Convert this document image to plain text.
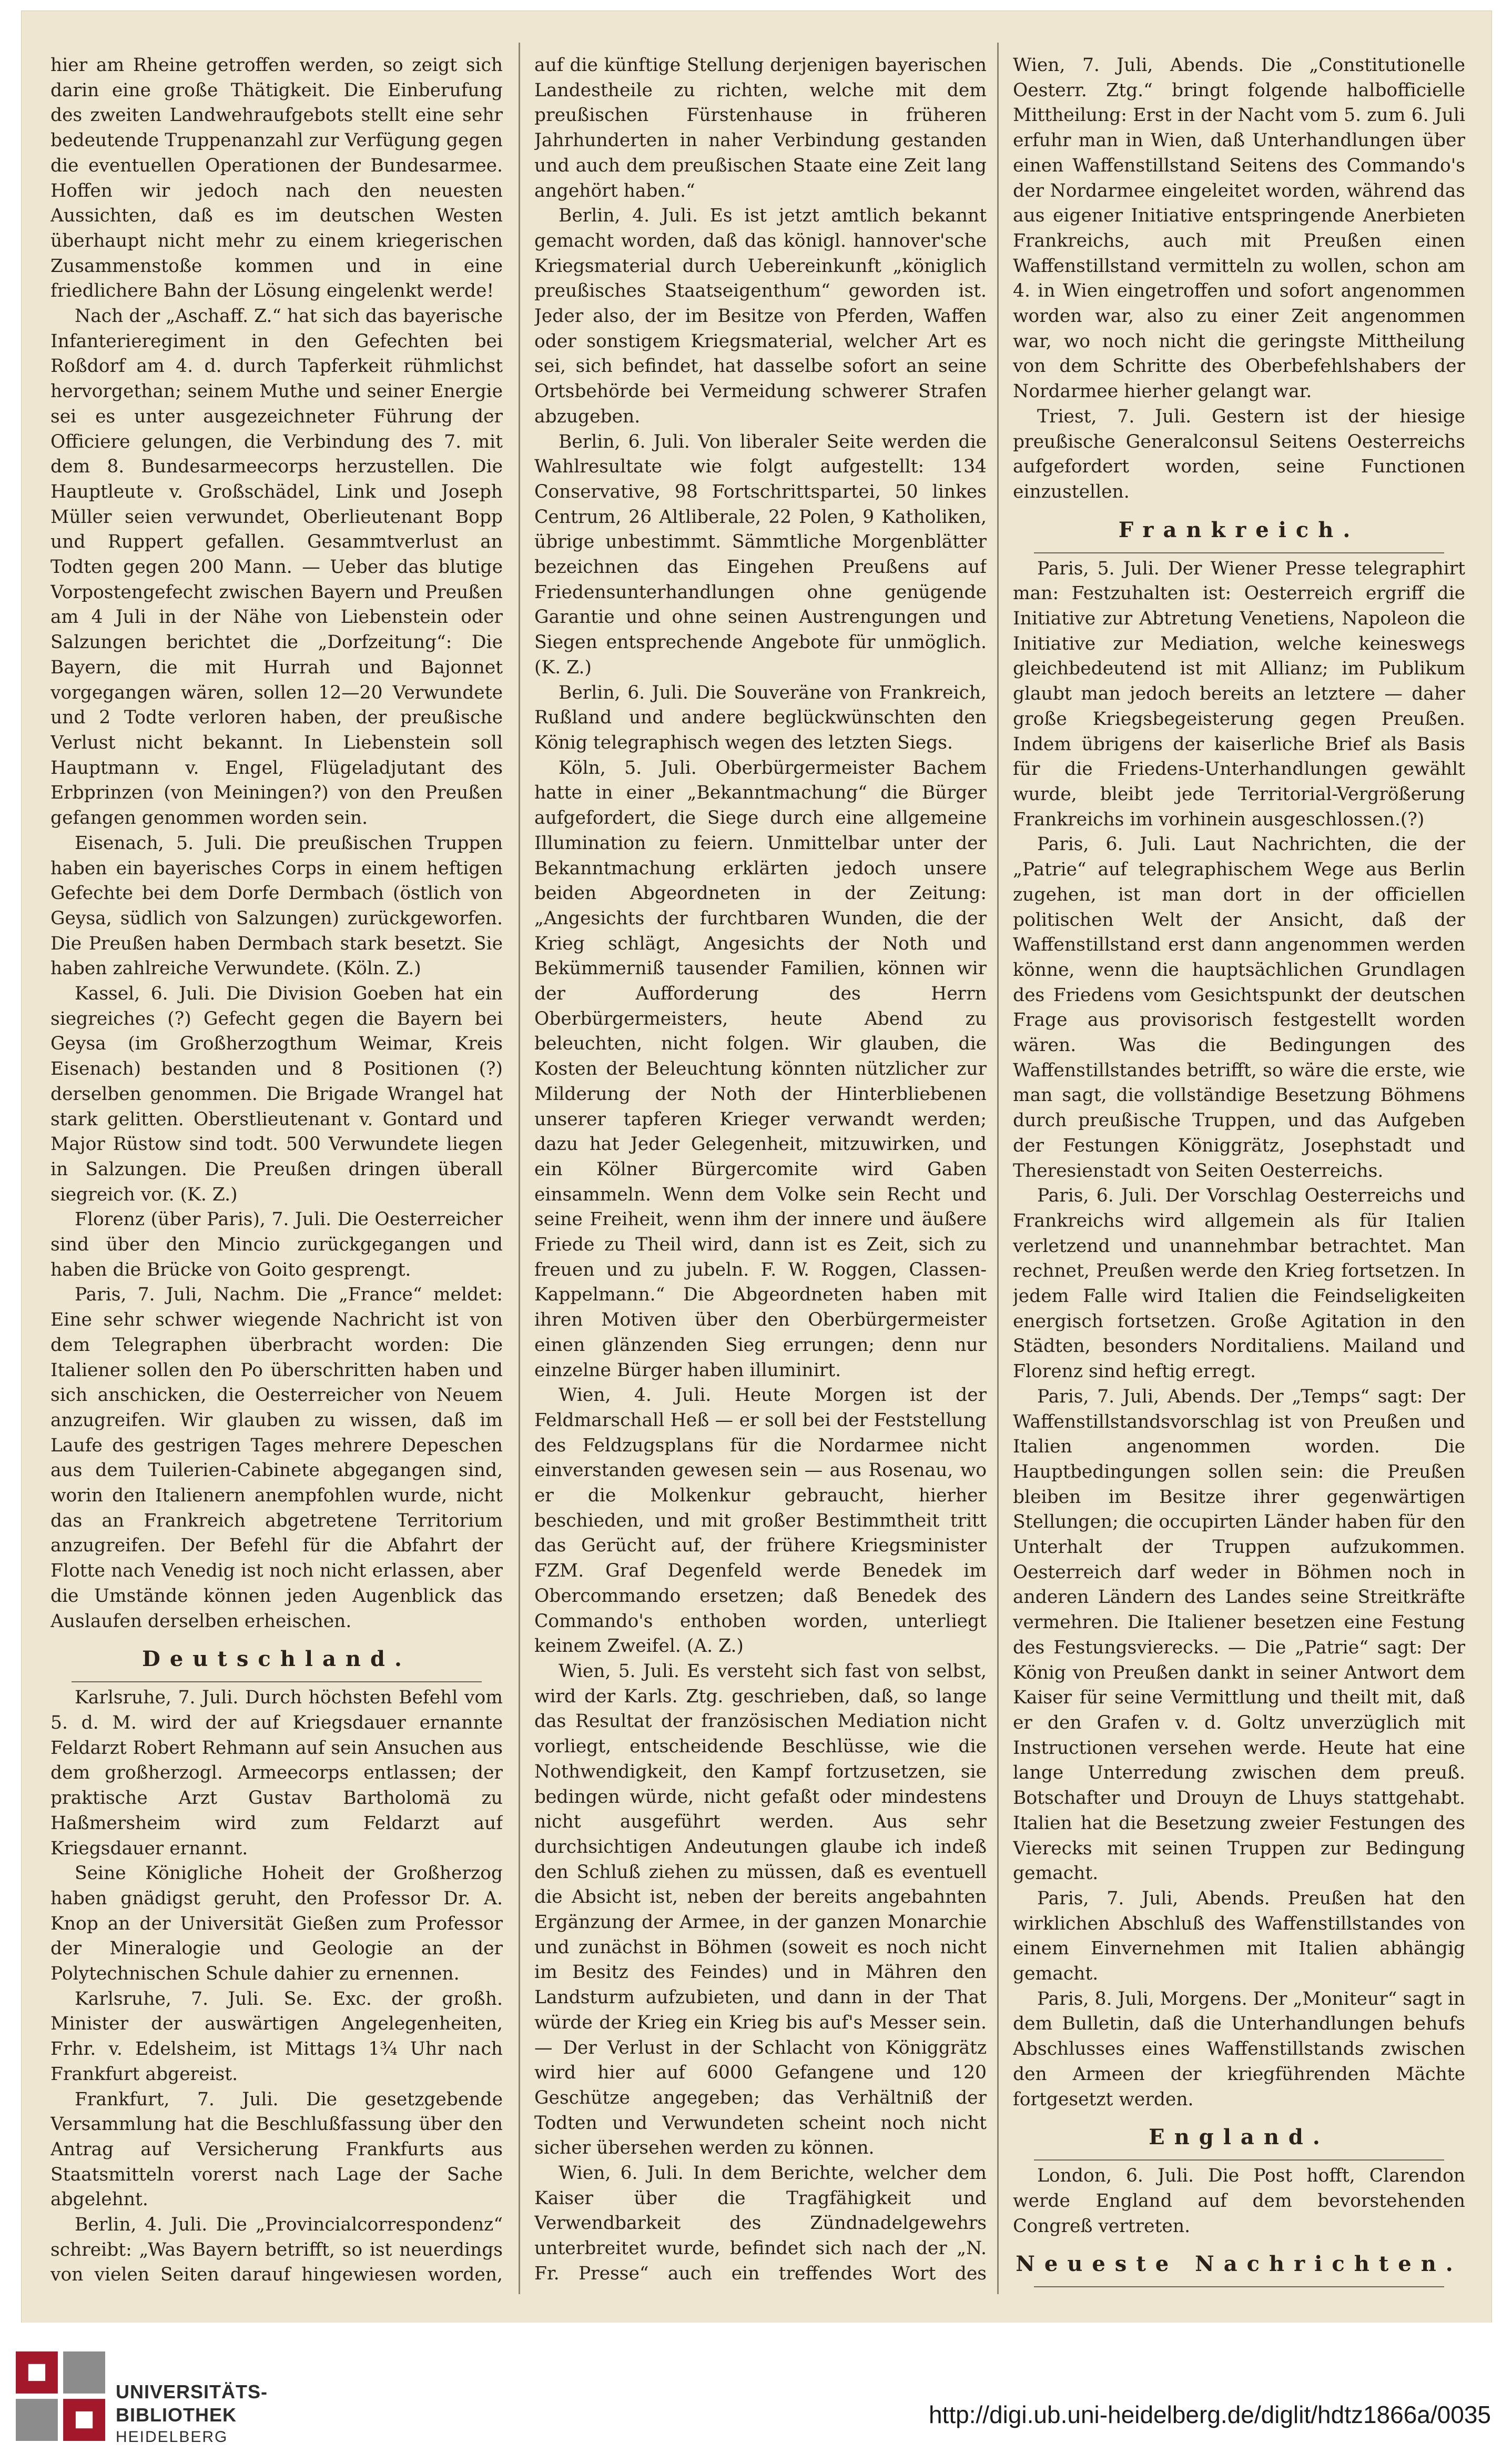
hier am Rheine getroffen werden, so zeigt sich darin eine große Thätigkeit. Die Einberufung des zweiten Landwehraufgebots stellt eine sehr bedeutende Truppenanzahl zur Verfügung gegen die eventuellen Operationen der Bundesarmee. Hoffen wir jedoch nach den neuesten Aussichten, daß es im deutschen Westen überhaupt nicht mehr zu einem kriegerischen Zusammenstoße kommen und in eine friedlichere Bahn der Lösung eingelenkt werde!

Nach der „Aschaff. Z.“ hat sich das bayerische Infanterieregiment in den Gefechten bei Roßdorf am 4. d. durch Tapferkeit rühmlichst hervorgethan; seinem Muthe und seiner Energie sei es unter ausgezeichneter Führung der Officiere gelungen, die Verbindung des 7. mit dem 8. Bundesarmeecorps herzustellen. Die Hauptleute v. Großschädel, Link und Joseph Müller seien verwundet, Oberlieutenant Bopp und Ruppert gefallen. Gesammtverlust an Todten gegen 200 Mann. — Ueber das blutige Vorpostengefecht zwischen Bayern und Preußen am 4 Juli in der Nähe von Liebenstein oder Salzungen berichtet die „Dorfzeitung“: Die Bayern, die mit Hurrah und Bajonnet vorgegangen wären, sollen 12—20 Verwundete und 2 Todte verloren haben, der preußische Verlust nicht bekannt. In Liebenstein soll Hauptmann v. Engel, Flügeladjutant des Erbprinzen (von Meiningen?) von den Preußen gefangen genommen worden sein.

Eisenach, 5. Juli. Die preußischen Truppen haben ein bayerisches Corps in einem heftigen Gefechte bei dem Dorfe Dermbach (östlich von Geysa, südlich von Salzungen) zurückgeworfen. Die Preußen haben Dermbach stark besetzt. Sie haben zahlreiche Verwundete. (Köln. Z.)

Kassel, 6. Juli. Die Division Goeben hat ein siegreiches (?) Gefecht gegen die Bayern bei Geysa (im Großherzogthum Weimar, Kreis Eisenach) bestanden und 8 Positionen (?) derselben genommen. Die Brigade Wrangel hat stark gelitten. Oberstlieutenant v. Gontard und Major Rüstow sind todt. 500 Verwundete liegen in Salzungen. Die Preußen dringen überall siegreich vor. (K. Z.)

Florenz (über Paris), 7. Juli. Die Oesterreicher sind über den Mincio zurückgegangen und haben die Brücke von Goito gesprengt.

Paris, 7. Juli, Nachm. Die „France“ meldet: Eine sehr schwer wiegende Nachricht ist von dem Telegraphen überbracht worden: Die Italiener sollen den Po überschritten haben und sich anschicken, die Oesterreicher von Neuem anzugreifen. Wir glauben zu wissen, daß im Laufe des gestrigen Tages mehrere Depeschen aus dem Tuilerien-Cabinete abgegangen sind, worin den Italienern anempfohlen wurde, nicht das an Frankreich abgetretene Territorium anzugreifen. Der Befehl für die Abfahrt der Flotte nach Venedig ist noch nicht erlassen, aber die Umstände können jeden Augenblick das Auslaufen derselben erheischen.

Deutschland.

Karlsruhe, 7. Juli. Durch höchsten Befehl vom 5. d. M. wird der auf Kriegsdauer ernannte Feldarzt Robert Rehmann auf sein Ansuchen aus dem großherzogl. Armeecorps entlassen; der praktische Arzt Gustav Bartholomä zu Haßmersheim wird zum Feldarzt auf Kriegsdauer ernannt.

Seine Königliche Hoheit der Großherzog haben gnädigst geruht, den Professor Dr. A. Knop an der Universität Gießen zum Professor der Mineralogie und Geologie an der Polytechnischen Schule dahier zu ernennen.

Karlsruhe, 7. Juli. Se. Exc. der großh. Minister der auswärtigen Angelegenheiten, Frhr. v. Edelsheim, ist Mittags 1¾ Uhr nach Frankfurt abgereist.

Frankfurt, 7. Juli. Die gesetzgebende Versammlung hat die Beschlußfassung über den Antrag auf Versicherung Frankfurts aus Staatsmitteln vorerst nach Lage der Sache abgelehnt.

Berlin, 4. Juli. Die „Provincialcorrespondenz“ schreibt: „Was Bayern betrifft, so ist neuerdings von vielen Seiten darauf hingewiesen worden,

auf die künftige Stellung derjenigen bayerischen Landestheile zu richten, welche mit dem preußischen Fürstenhause in früheren Jahrhunderten in naher Verbindung gestanden und auch dem preußischen Staate eine Zeit lang angehört haben.“

Berlin, 4. Juli. Es ist jetzt amtlich bekannt gemacht worden, daß das königl. hannover'sche Kriegsmaterial durch Uebereinkunft „königlich preußisches Staatseigenthum“ geworden ist. Jeder also, der im Besitze von Pferden, Waffen oder sonstigem Kriegsmaterial, welcher Art es sei, sich befindet, hat dasselbe sofort an seine Ortsbehörde bei Vermeidung schwerer Strafen abzugeben.

Berlin, 6. Juli. Von liberaler Seite werden die Wahlresultate wie folgt aufgestellt: 134 Conservative, 98 Fortschrittspartei, 50 linkes Centrum, 26 Altliberale, 22 Polen, 9 Katholiken, übrige unbestimmt. Sämmtliche Morgenblätter bezeichnen das Eingehen Preußens auf Friedensunterhandlungen ohne genügende Garantie und ohne seinen Austrengungen und Siegen entsprechende Angebote für unmöglich. (K. Z.)

Berlin, 6. Juli. Die Souveräne von Frankreich, Rußland und andere beglückwünschten den König telegraphisch wegen des letzten Siegs.

Köln, 5. Juli. Oberbürgermeister Bachem hatte in einer „Bekanntmachung“ die Bürger aufgefordert, die Siege durch eine allgemeine Illumination zu feiern. Unmittelbar unter der Bekanntmachung erklärten jedoch unsere beiden Abgeordneten in der Zeitung: „Angesichts der furchtbaren Wunden, die der Krieg schlägt, Angesichts der Noth und Bekümmerniß tausender Familien, können wir der Aufforderung des Herrn Oberbürgermeisters, heute Abend zu beleuchten, nicht folgen. Wir glauben, die Kosten der Beleuchtung könnten nützlicher zur Milderung der Noth der Hinterbliebenen unserer tapferen Krieger verwandt werden; dazu hat Jeder Gelegenheit, mitzuwirken, und ein Kölner Bürgercomite wird Gaben einsammeln. Wenn dem Volke sein Recht und seine Freiheit, wenn ihm der innere und äußere Friede zu Theil wird, dann ist es Zeit, sich zu freuen und zu jubeln. F. W. Roggen, Classen-Kappelmann.“ Die Abgeordneten haben mit ihren Motiven über den Oberbürgermeister einen glänzenden Sieg errungen; denn nur einzelne Bürger haben illuminirt.

Wien, 4. Juli. Heute Morgen ist der Feldmarschall Heß — er soll bei der Feststellung des Feldzugsplans für die Nordarmee nicht einverstanden gewesen sein — aus Rosenau, wo er die Molkenkur gebraucht, hierher beschieden, und mit großer Bestimmtheit tritt das Gerücht auf, der frühere Kriegsminister FZM. Graf Degenfeld werde Benedek im Obercommando ersetzen; daß Benedek des Commando's enthoben worden, unterliegt keinem Zweifel. (A. Z.)

Wien, 5. Juli. Es versteht sich fast von selbst, wird der Karls. Ztg. geschrieben, daß, so lange das Resultat der französischen Mediation nicht vorliegt, entscheidende Beschlüsse, wie die Nothwendigkeit, den Kampf fortzusetzen, sie bedingen würde, nicht gefaßt oder mindestens nicht ausgeführt werden. Aus sehr durchsichtigen Andeutungen glaube ich indeß den Schluß ziehen zu müssen, daß es eventuell die Absicht ist, neben der bereits angebahnten Ergänzung der Armee, in der ganzen Monarchie und zunächst in Böhmen (soweit es noch nicht im Besitz des Feindes) und in Mähren den Landsturm aufzubieten, und dann in der That würde der Krieg ein Krieg bis auf's Messer sein. — Der Verlust in der Schlacht von Königgrätz wird hier auf 6000 Gefangene und 120 Geschütze angegeben; das Verhältniß der Todten und Verwundeten scheint noch nicht sicher übersehen werden zu können.

Wien, 6. Juli. In dem Berichte, welcher dem Kaiser über die Tragfähigkeit und Verwendbarkeit des Zündnadelgewehrs unterbreitet wurde, befindet sich nach der „N. Fr. Presse“ auch ein treffendes Wort des

Wien, 7. Juli, Abends. Die „Constitutionelle Oesterr. Ztg.“ bringt folgende halbofficielle Mittheilung: Erst in der Nacht vom 5. zum 6. Juli erfuhr man in Wien, daß Unterhandlungen über einen Waffenstillstand Seitens des Commando's der Nordarmee eingeleitet worden, während das aus eigener Initiative entspringende Anerbieten Frankreichs, auch mit Preußen einen Waffenstillstand vermitteln zu wollen, schon am 4. in Wien eingetroffen und sofort angenommen worden war, also zu einer Zeit angenommen war, wo noch nicht die geringste Mittheilung von dem Schritte des Oberbefehlshabers der Nordarmee hierher gelangt war.

Triest, 7. Juli. Gestern ist der hiesige preußische Generalconsul Seitens Oesterreichs aufgefordert worden, seine Functionen einzustellen.

Frankreich.

Paris, 5. Juli. Der Wiener Presse telegraphirt man: Festzuhalten ist: Oesterreich ergriff die Initiative zur Abtretung Venetiens, Napoleon die Initiative zur Mediation, welche keineswegs gleichbedeutend ist mit Allianz; im Publikum glaubt man jedoch bereits an letztere — daher große Kriegsbegeisterung gegen Preußen. Indem übrigens der kaiserliche Brief als Basis für die Friedens-Unterhandlungen gewählt wurde, bleibt jede Territorial-Vergrößerung Frankreichs im vorhinein ausgeschlossen.(?)

Paris, 6. Juli. Laut Nachrichten, die der „Patrie“ auf telegraphischem Wege aus Berlin zugehen, ist man dort in der officiellen politischen Welt der Ansicht, daß der Waffenstillstand erst dann angenommen werden könne, wenn die hauptsächlichen Grundlagen des Friedens vom Gesichtspunkt der deutschen Frage aus provisorisch festgestellt worden wären. Was die Bedingungen des Waffenstillstandes betrifft, so wäre die erste, wie man sagt, die vollständige Besetzung Böhmens durch preußische Truppen, und das Aufgeben der Festungen Königgrätz, Josephstadt und Theresienstadt von Seiten Oesterreichs.

Paris, 6. Juli. Der Vorschlag Oesterreichs und Frankreichs wird allgemein als für Italien verletzend und unannehmbar betrachtet. Man rechnet, Preußen werde den Krieg fortsetzen. In jedem Falle wird Italien die Feindseligkeiten energisch fortsetzen. Große Agitation in den Städten, besonders Norditaliens. Mailand und Florenz sind heftig erregt.

Paris, 7. Juli, Abends. Der „Temps“ sagt: Der Waffenstillstandsvorschlag ist von Preußen und Italien angenommen worden. Die Hauptbedingungen sollen sein: die Preußen bleiben im Besitze ihrer gegenwärtigen Stellungen; die occupirten Länder haben für den Unterhalt der Truppen aufzukommen. Oesterreich darf weder in Böhmen noch in anderen Ländern des Landes seine Streitkräfte vermehren. Die Italiener besetzen eine Festung des Festungsvierecks. — Die „Patrie“ sagt: Der König von Preußen dankt in seiner Antwort dem Kaiser für seine Vermittlung und theilt mit, daß er den Grafen v. d. Goltz unverzüglich mit Instructionen versehen werde. Heute hat eine lange Unterredung zwischen dem preuß. Botschafter und Drouyn de Lhuys stattgehabt. Italien hat die Besetzung zweier Festungen des Vierecks mit seinen Truppen zur Bedingung gemacht.

Paris, 7. Juli, Abends. Preußen hat den wirklichen Abschluß des Waffenstillstandes von einem Einvernehmen mit Italien abhängig gemacht.

Paris, 8. Juli, Morgens. Der „Moniteur“ sagt in dem Bulletin, daß die Unterhandlungen behufs Abschlusses eines Waffenstillstands zwischen den Armeen der kriegführenden Mächte fortgesetzt werden.

England.

London, 6. Juli. Die Post hofft, Clarendon werde England auf dem bevorstehenden Congreß vertreten.

Neueste Nachrichten.

UNIVERSITÄTS-
BIBLIOTHEK
HEIDELBERG
http://digi.ub.uni-heidelberg.de/diglit/hdtz1866a/0035
